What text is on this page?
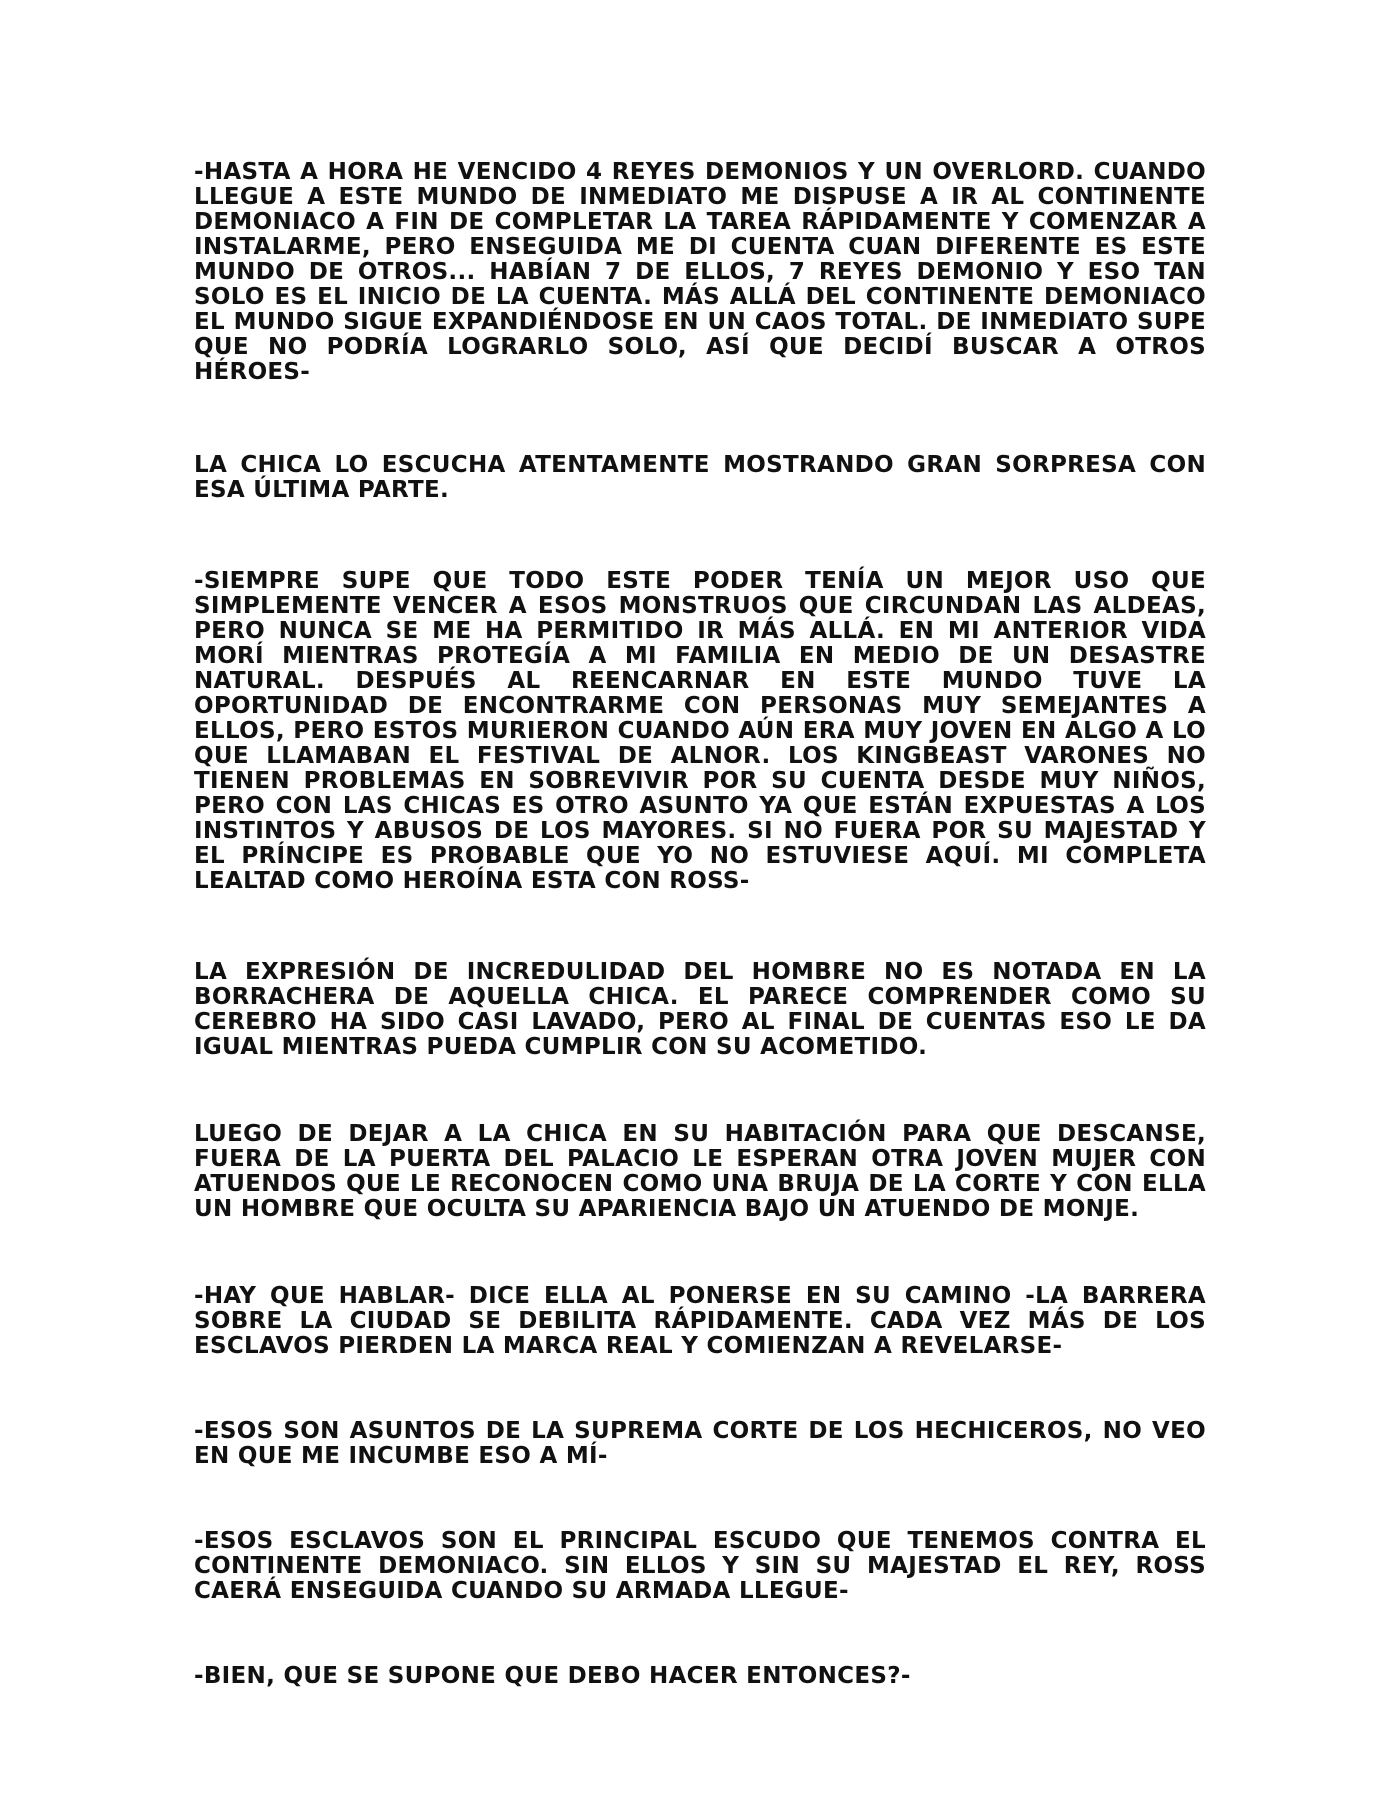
-HASTA A HORA HE VENCIDO 4 REYES DEMONIOS Y UN OVERLORD. CUANDO LLEGUE A ESTE MUNDO DE INMEDIATO ME DISPUSE A IR AL CONTINENTE DEMONIACO A FIN DE COMPLETAR LA TAREA RÁPIDAMENTE Y COMENZAR A INSTALARME, PERO ENSEGUIDA ME DI CUENTA CUAN DIFERENTE ES ESTE MUNDO DE OTROS... HABÍAN 7 DE ELLOS, 7 REYES DEMONIO Y ESO TAN SOLO ES EL INICIO DE LA CUENTA. MÁS ALLÁ DEL CONTINENTE DEMONIACO EL MUNDO SIGUE EXPANDIÉNDOSE EN UN CAOS TOTAL. DE INMEDIATO SUPE QUE NO PODRÍA LOGRARLO SOLO, ASÍ QUE DECIDÍ BUSCAR A OTROS HÉROES-

LA CHICA LO ESCUCHA ATENTAMENTE MOSTRANDO GRAN SORPRESA CON ESA ÚLTIMA PARTE.

-SIEMPRE SUPE QUE TODO ESTE PODER TENÍA UN MEJOR USO QUE SIMPLEMENTE VENCER A ESOS MONSTRUOS QUE CIRCUNDAN LAS ALDEAS, PERO NUNCA SE ME HA PERMITIDO IR MÁS ALLÁ. EN MI ANTERIOR VIDA MORÍ MIENTRAS PROTEGÍA A MI FAMILIA EN MEDIO DE UN DESASTRE NATURAL. DESPUÉS AL REENCARNAR EN ESTE MUNDO TUVE LA OPORTUNIDAD DE ENCONTRARME CON PERSONAS MUY SEMEJANTES A ELLOS, PERO ESTOS MURIERON CUANDO AÚN ERA MUY JOVEN EN ALGO A LO QUE LLAMABAN EL FESTIVAL DE ALNOR. LOS KINGBEAST VARONES NO TIENEN PROBLEMAS EN SOBREVIVIR POR SU CUENTA DESDE MUY NIÑOS, PERO CON LAS CHICAS ES OTRO ASUNTO YA QUE ESTÁN EXPUESTAS A LOS INSTINTOS Y ABUSOS DE LOS MAYORES. SI NO FUERA POR SU MAJESTAD Y EL PRÍNCIPE ES PROBABLE QUE YO NO ESTUVIESE AQUÍ. MI COMPLETA LEALTAD COMO HEROÍNA ESTA CON ROSS-

LA EXPRESIÓN DE INCREDULIDAD DEL HOMBRE NO ES NOTADA EN LA BORRACHERA DE AQUELLA CHICA. EL PARECE COMPRENDER COMO SU CEREBRO HA SIDO CASI LAVADO, PERO AL FINAL DE CUENTAS ESO LE DA IGUAL MIENTRAS PUEDA CUMPLIR CON SU ACOMETIDO.

LUEGO DE DEJAR A LA CHICA EN SU HABITACIÓN PARA QUE DESCANSE, FUERA DE LA PUERTA DEL PALACIO LE ESPERAN OTRA JOVEN MUJER CON ATUENDOS QUE LE RECONOCEN COMO UNA BRUJA DE LA CORTE Y CON ELLA UN HOMBRE QUE OCULTA SU APARIENCIA BAJO UN ATUENDO DE MONJE.

-HAY QUE HABLAR- DICE ELLA AL PONERSE EN SU CAMINO -LA BARRERA SOBRE LA CIUDAD SE DEBILITA RÁPIDAMENTE. CADA VEZ MÁS DE LOS ESCLAVOS PIERDEN LA MARCA REAL Y COMIENZAN A REVELARSE-

-ESOS SON ASUNTOS DE LA SUPREMA CORTE DE LOS HECHICEROS, NO VEO EN QUE ME INCUMBE ESO A MÍ-

-ESOS ESCLAVOS SON EL PRINCIPAL ESCUDO QUE TENEMOS CONTRA EL CONTINENTE DEMONIACO. SIN ELLOS Y SIN SU MAJESTAD EL REY, ROSS CAERÁ ENSEGUIDA CUANDO SU ARMADA LLEGUE-

-BIEN, QUE SE SUPONE QUE DEBO HACER ENTONCES?-
